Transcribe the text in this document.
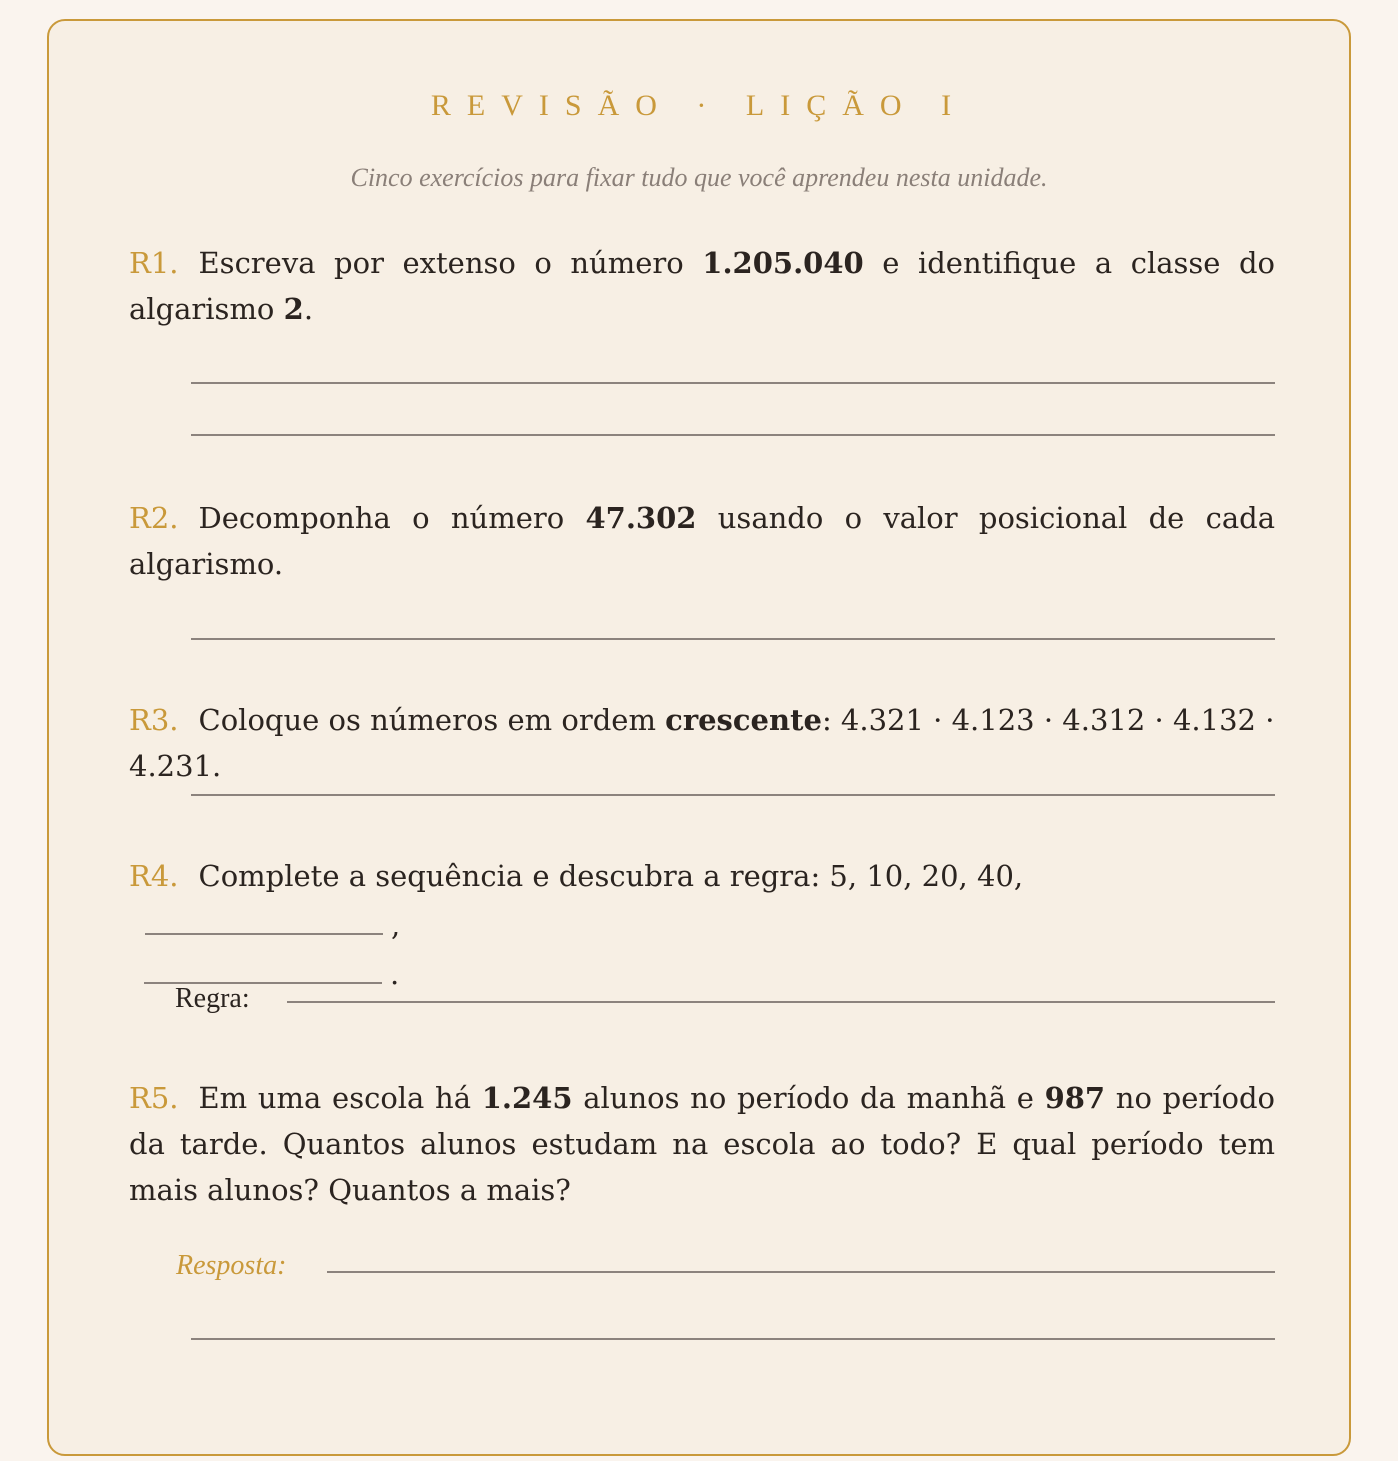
REVISÃO · LIÇÃO I
Cinco exercícios para fixar tudo que você aprendeu nesta unidade.
R1. Escreva por extenso o número 1.205.040 e identifique a classe do algarismo 2.
R2. Decomponha o número 47.302 usando o valor posicional de cada algarismo.
R3. Coloque os números em ordem crescente: 4.321 · 4.123 · 4.312 · 4.132 · 4.231.
R4. Complete a sequência e descubra a regra: 5, 10, 20, 40,,
.
Regra:
R5. Em uma escola há 1.245 alunos no período da manhã e 987 no período da tarde. Quantos alunos estudam na escola ao todo? E qual período tem mais alunos? Quantos a mais?
Resposta:
